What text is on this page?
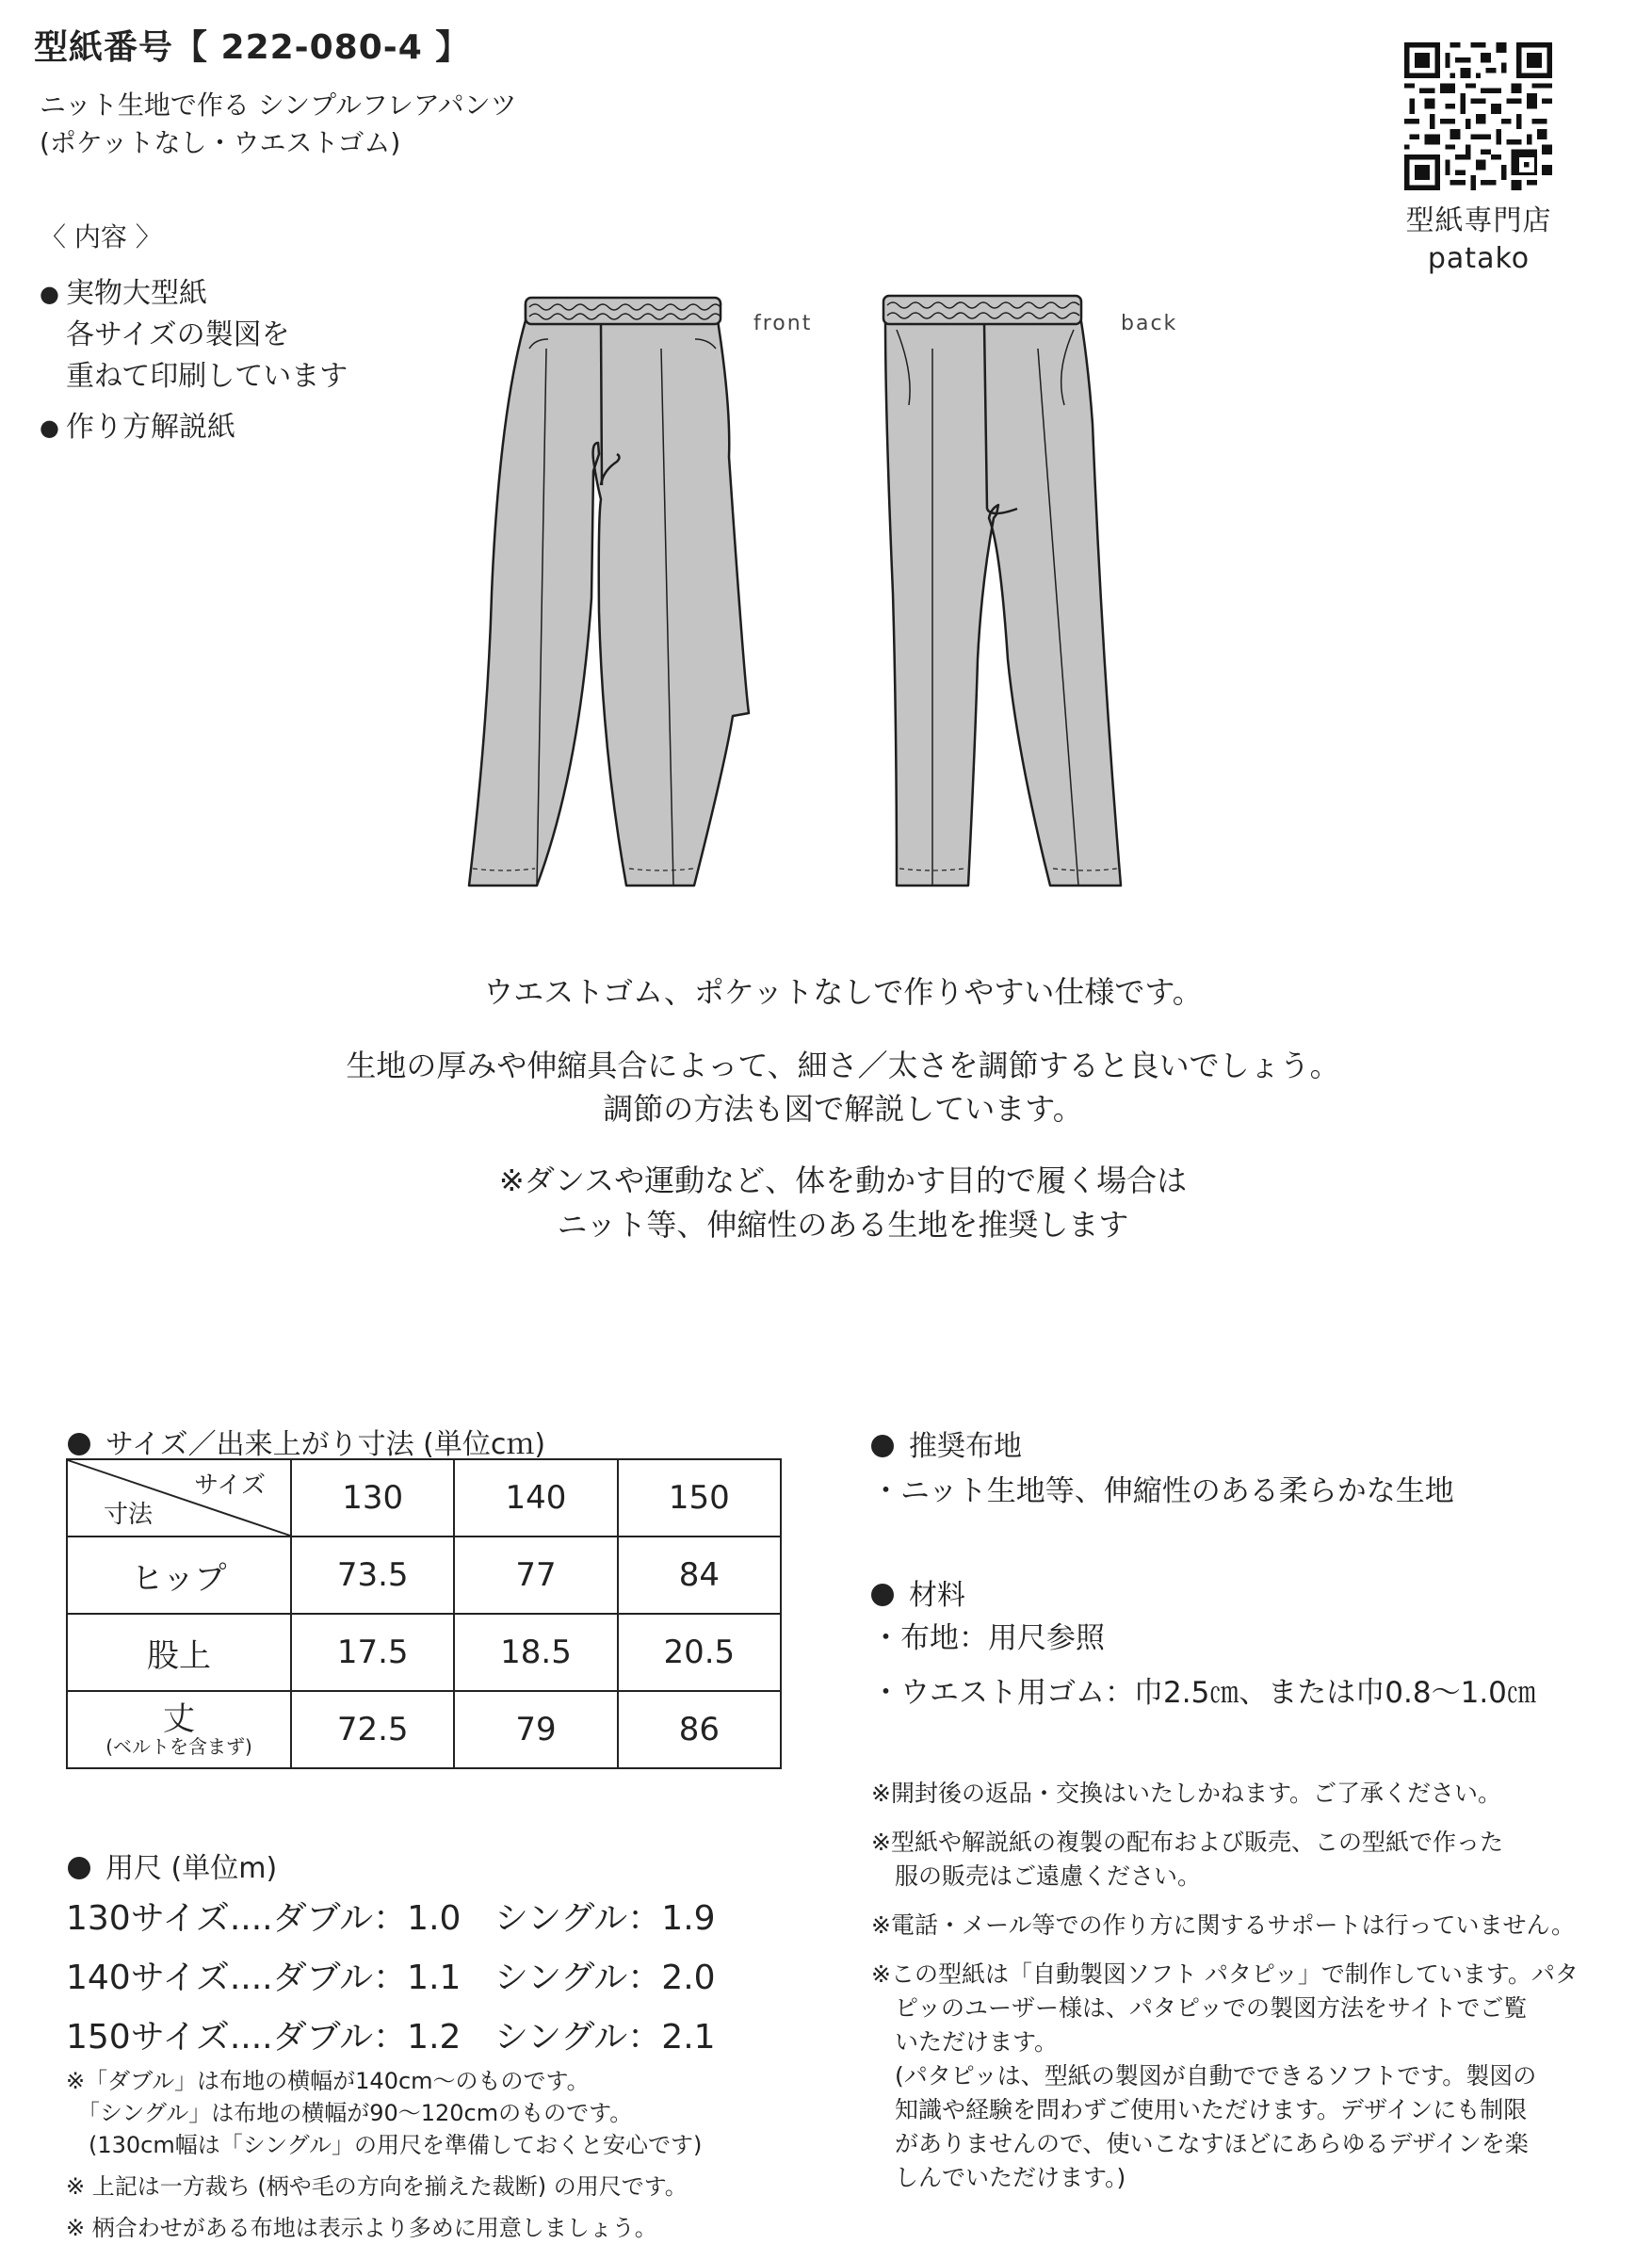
型紙番号【 222-080-4 】
ニット生地で作る シンプルフレアパンツ
(ポケットなし・ウエストゴム)
〈 内容 〉
● 実物大型紙
各サイズの製図を
重ねて印刷しています
● 作り方解説紙
型紙専門店
patako
front	back
ウエストゴム、ポケットなしで作りやすい仕様です。
生地の厚みや伸縮具合によって、細さ／太さを調節すると良いでしょう。
調節の方法も図で解説しています。
※ダンスや運動など、体を動かす目的で履く場合は
ニット等、伸縮性のある生地を推奨します
サイズ／出来上がり寸法 (単位cｍ)
サイズ
寸法	130	140	150
ヒップ	73.5	77	84
股上	17.5	18.5	20.5

丈
(ベルトを含まず)	72.5	79	86
用尺 (単位m)
130サイズ....ダブル：1.0 シングル：1.9
140サイズ....ダブル：1.1 シングル：2.0
150サイズ....ダブル：1.2 シングル：2.1

※「ダブル」は布地の横幅が140cm〜のものです。

　「シングル」は布地の横幅が90〜120cmのものです。

　(130cm幅は「シングル」の用尺を準備しておくと安心です)

※ 上記は一方裁ち (柄や毛の方向を揃えた裁断) の用尺です。

※ 柄合わせがある布地は表示より多めに用意しましょう。

推奨布地
・ニット生地等、伸縮性のある柔らかな生地
材料
・布地：用尺参照
・ウエスト用ゴム：巾2.5㎝、または巾0.8〜1.0㎝

※開封後の返品・交換はいたしかねます。ご了承ください。

※型紙や解説紙の複製の配布および販売、この型紙で作った
　服の販売はご遠慮ください。

※電話・メール等での作り方に関するサポートは行っていません。

※この型紙は「自動製図ソフト パタピッ」で制作しています。パタ
　ピッのユーザー様は、パタピッでの製図方法をサイトでご覧
　いただけます。
　(パタピッは、型紙の製図が自動でできるソフトです。製図の
　知識や経験を問わずご使用いただけます。デザインにも制限
　がありませんので、使いこなすほどにあらゆるデザインを楽
　しんでいただけます。)
